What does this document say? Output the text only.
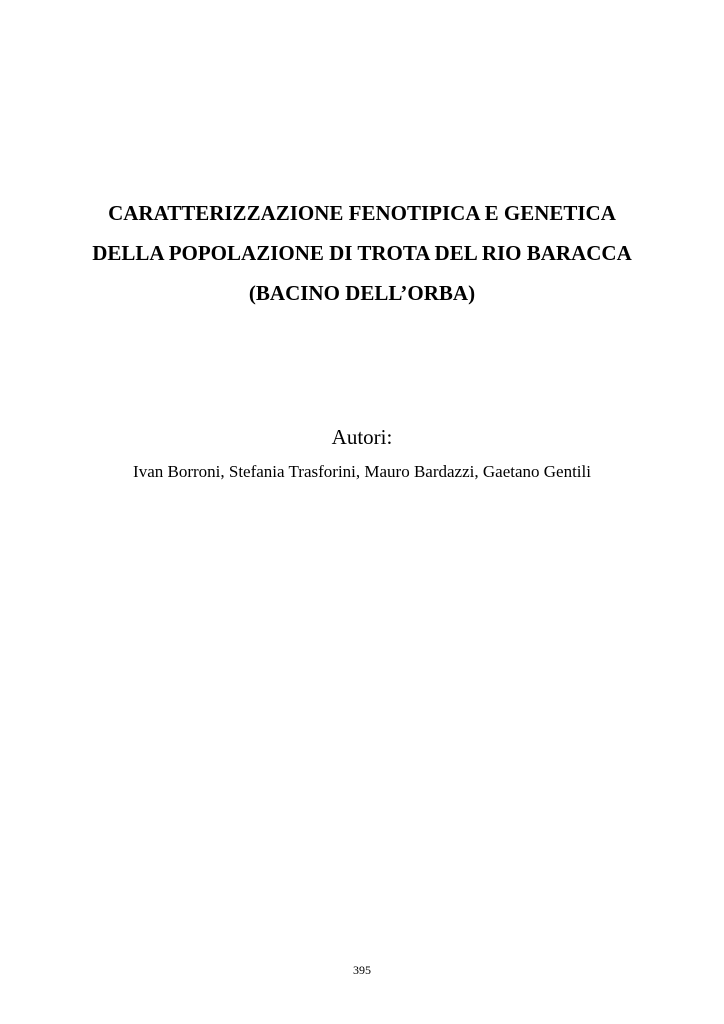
CARATTERIZZAZIONE FENOTIPICA E GENETICA
DELLA POPOLAZIONE DI TROTA DEL RIO BARACCA
(BACINO DELL’ORBA)
Autori:
Ivan Borroni, Stefania Trasforini, Mauro Bardazzi, Gaetano Gentili
395
